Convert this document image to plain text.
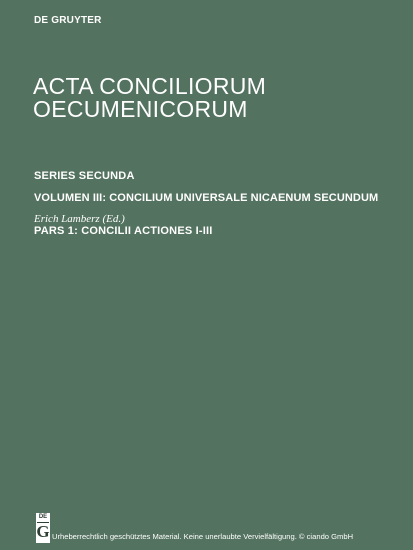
DE GRUYTER
ACTA CONCILIORUM
OECUMENICORUM
SERIES SECUNDA
VOLUMEN III: CONCILIUM UNIVERSALE NICAENUM SECUNDUM
Erich Lamberz (Ed.)
PARS 1: CONCILII ACTIONES I-III
DE
G Urheberrechtlich geschütztes Material. Keine unerlaubte Vervielfältigung. © ciando GmbH
